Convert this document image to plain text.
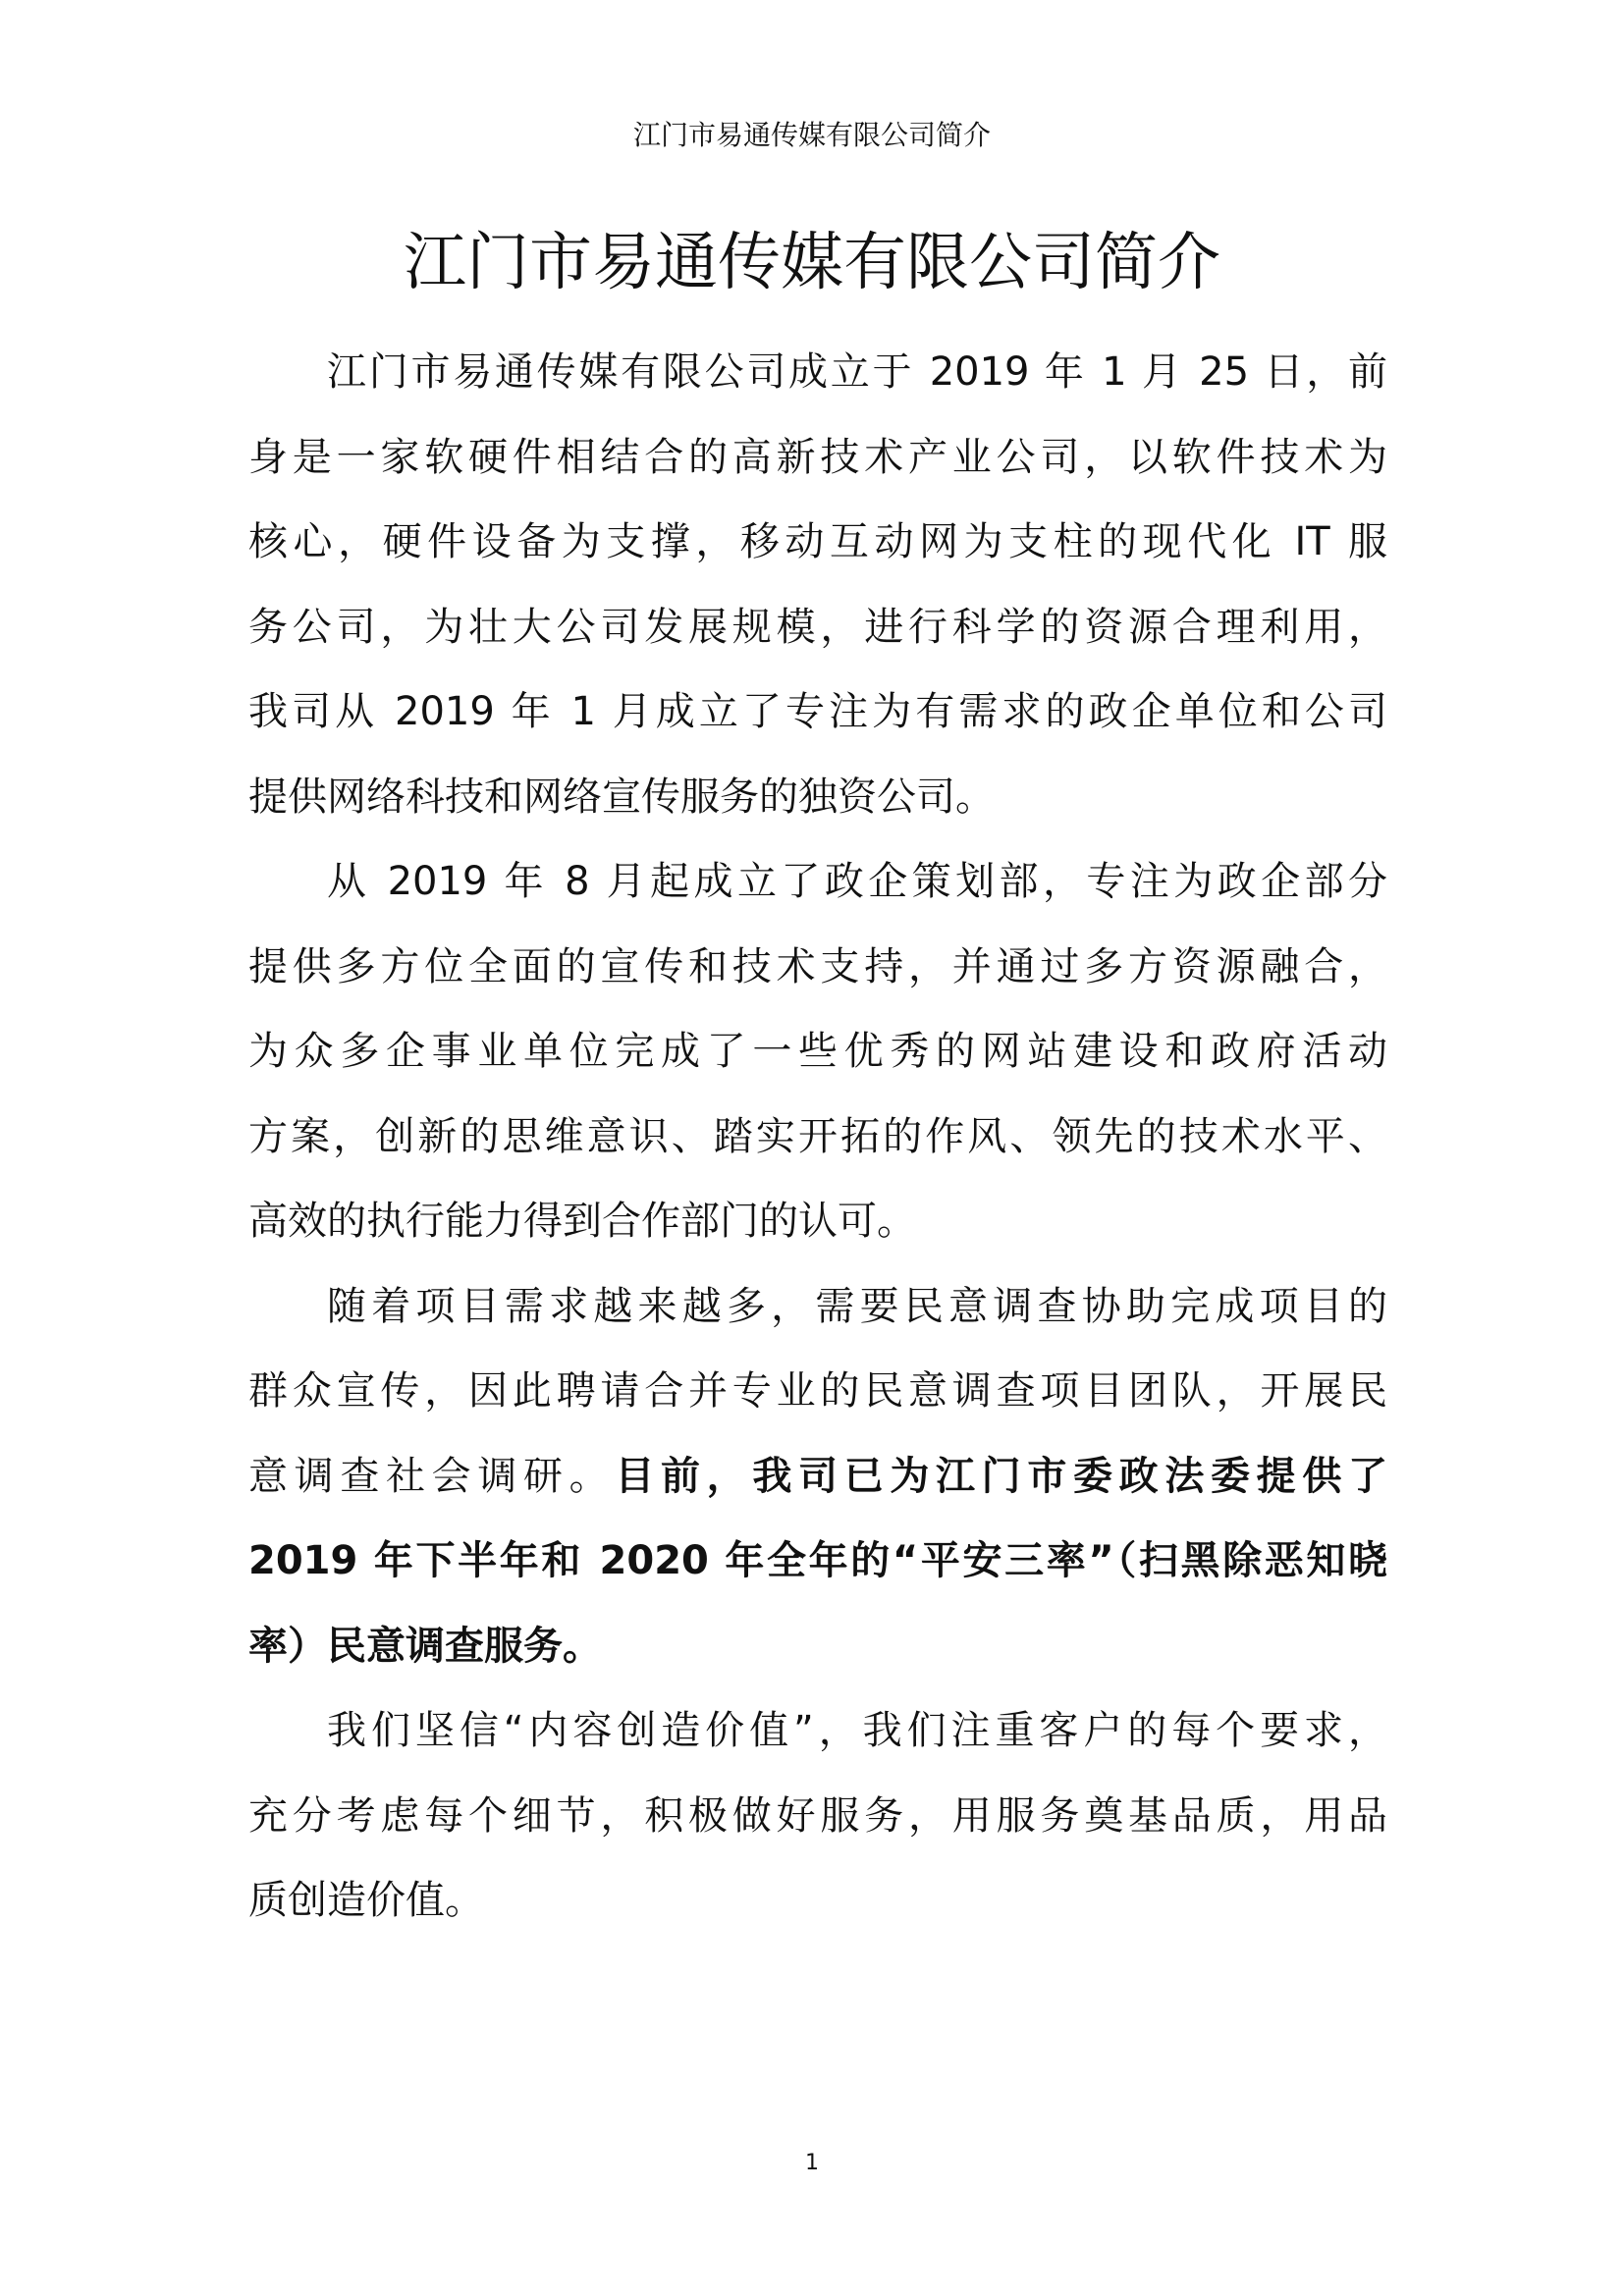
江门市易通传媒有限公司简介
江门市易通传媒有限公司简介
江门市易通传媒有限公司成立于 2019 年 1 月 25 日，前
身是一家软硬件相结合的高新技术产业公司，以软件技术为
核心，硬件设备为支撑，移动互动网为支柱的现代化 IT 服
务公司，为壮大公司发展规模，进行科学的资源合理利用，
我司从 2019 年 1 月成立了专注为有需求的政企单位和公司
提供网络科技和网络宣传服务的独资公司。
从 2019 年 8 月起成立了政企策划部，专注为政企部分
提供多方位全面的宣传和技术支持，并通过多方资源融合，
为众多企事业单位完成了一些优秀的网站建设和政府活动
方案，创新的思维意识、踏实开拓的作风、领先的技术水平、
高效的执行能力得到合作部门的认可。
随着项目需求越来越多，需要民意调查协助完成项目的
群众宣传，因此聘请合并专业的民意调查项目团队，开展民
意调查社会调研。目前，我司已为江门市委政法委提供了
2019 年下半年和 2020 年全年的“平安三率”（扫黑除恶知晓
率）民意调查服务。
我们坚信“内容创造价值”，我们注重客户的每个要求，
充分考虑每个细节，积极做好服务，用服务奠基品质，用品
质创造价值。
1
